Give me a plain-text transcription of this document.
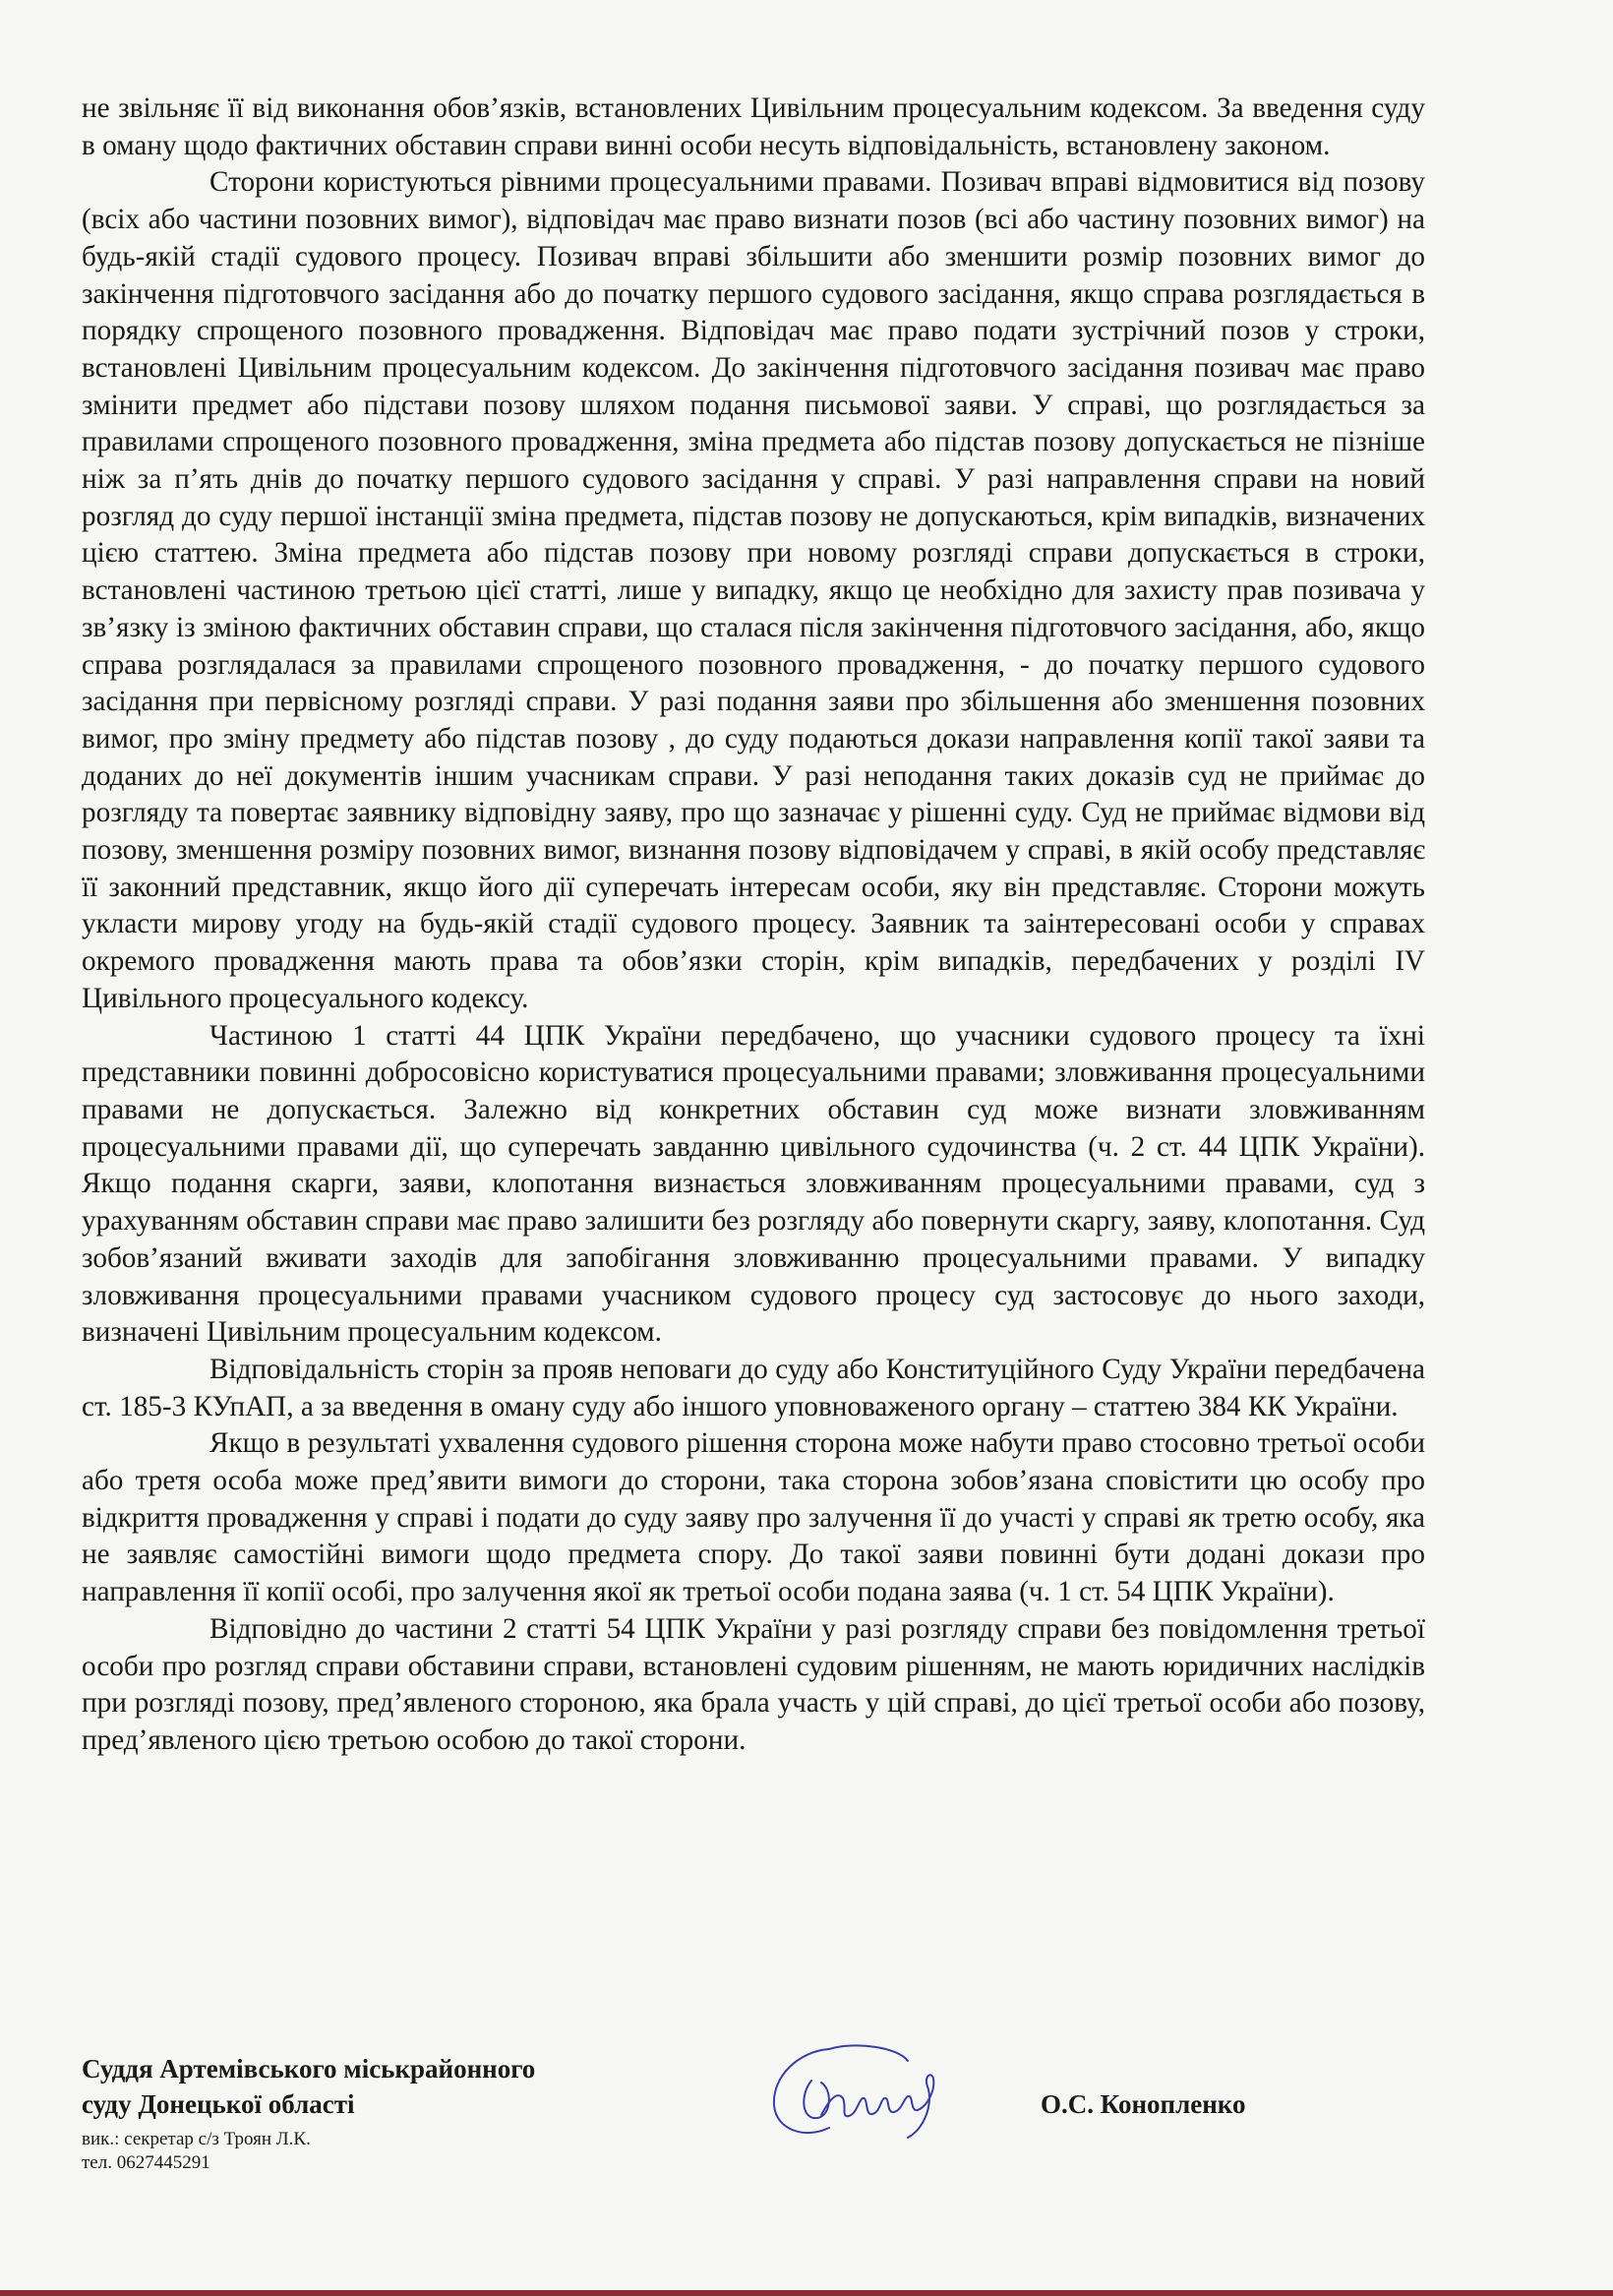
не звільняє її від виконання обов’язків, встановлених Цивільним процесуальним кодексом. За введення суду в оману щодо фактичних обставин справи винні особи несуть відповідальність, встановлену законом.

Сторони користуються рівними процесуальними правами. Позивач вправі відмовитися від позову (всіх або частини позовних вимог), відповідач має право визнати позов (всі або частину позовних вимог) на будь-якій стадії судового процесу. Позивач вправі збільшити або зменшити розмір позовних вимог до закінчення підготовчого засідання або до початку першого судового засідання, якщо справа розглядається в порядку спрощеного позовного провадження. Відповідач має право подати зустрічний позов у строки, встановлені Цивільним процесуальним кодексом. До закінчення підготовчого засідання позивач має право змінити предмет або підстави позову шляхом подання письмової заяви. У справі, що розглядається за правилами спрощеного позовного провадження, зміна предмета або підстав позову допускається не пізніше ніж за п’ять днів до початку першого судового засідання у справі. У разі направлення справи на новий розгляд до суду першої інстанції зміна предмета, підстав позову не допускаються, крім випадків, визначених цією статтею. Зміна предмета або підстав позову при новому розгляді справи допускається в строки, встановлені частиною третьою цієї статті, лише у випадку, якщо це необхідно для захисту прав позивача у зв’язку із зміною фактичних обставин справи, що сталася після закінчення підготовчого засідання, або, якщо справа розглядалася за правилами спрощеного позовного провадження, - до початку першого судового засідання при первісному розгляді справи. У разі подання заяви про збільшення або зменшення позовних вимог, про зміну предмету або підстав позову , до суду подаються докази направлення копії такої заяви та доданих до неї документів іншим учасникам справи. У разі неподання таких доказів суд не приймає до розгляду та повертає заявнику відповідну заяву, про що зазначає у рішенні суду. Суд не приймає відмови від позову, зменшення розміру позовних вимог, визнання позову відповідачем у справі, в якій особу представляє її законний представник, якщо його дії суперечать інтересам особи, яку він представляє. Сторони можуть укласти мирову угоду на будь-якій стадії судового процесу. Заявник та заінтересовані особи у справах окремого провадження мають права та обов’язки сторін, крім випадків, передбачених у розділі IV Цивільного процесуального кодексу.

Частиною 1 статті 44 ЦПК України передбачено, що учасники судового процесу та їхні представники повинні добросовісно користуватися процесуальними правами; зловживання процесуальними правами не допускається. Залежно від конкретних обставин суд може визнати зловживанням процесуальними правами дії, що суперечать завданню цивільного судочинства (ч. 2 ст. 44 ЦПК України). Якщо подання скарги, заяви, клопотання визнається зловживанням процесуальними правами, суд з урахуванням обставин справи має право залишити без розгляду або повернути скаргу, заяву, клопотання. Суд зобов’язаний вживати заходів для запобігання зловживанню процесуальними правами. У випадку зловживання процесуальними правами учасником судового процесу суд застосовує до нього заходи, визначені Цивільним процесуальним кодексом.

Відповідальність сторін за прояв неповаги до суду або Конституційного Суду України передбачена ст. 185-3 КУпАП, а за введення в оману суду або іншого уповноваженого органу – статтею 384 КК України.

Якщо в результаті ухвалення судового рішення сторона може набути право стосовно третьої особи або третя особа може пред’явити вимоги до сторони, така сторона зобов’язана сповістити цю особу про відкриття провадження у справі і подати до суду заяву про залучення її до участі у справі як третю особу, яка не заявляє самостійні вимоги щодо предмета спору. До такої заяви повинні бути додані докази про направлення її копії особі, про залучення якої як третьої особи подана заява (ч. 1 ст. 54 ЦПК України).

Відповідно до частини 2 статті 54 ЦПК України у разі розгляду справи без повідомлення третьої особи про розгляд справи обставини справи, встановлені судовим рішенням, не мають юридичних наслідків при розгляді позову, пред’явленого стороною, яка брала участь у цій справі, до цієї третьої особи або позову, пред’явленого цією третьою особою до такої сторони.

Суддя Артемівського міськрайонного
суду Донецької області
вик.: секретар с/з Троян Л.К.
тел. 0627445291
О.С. Конопленко
